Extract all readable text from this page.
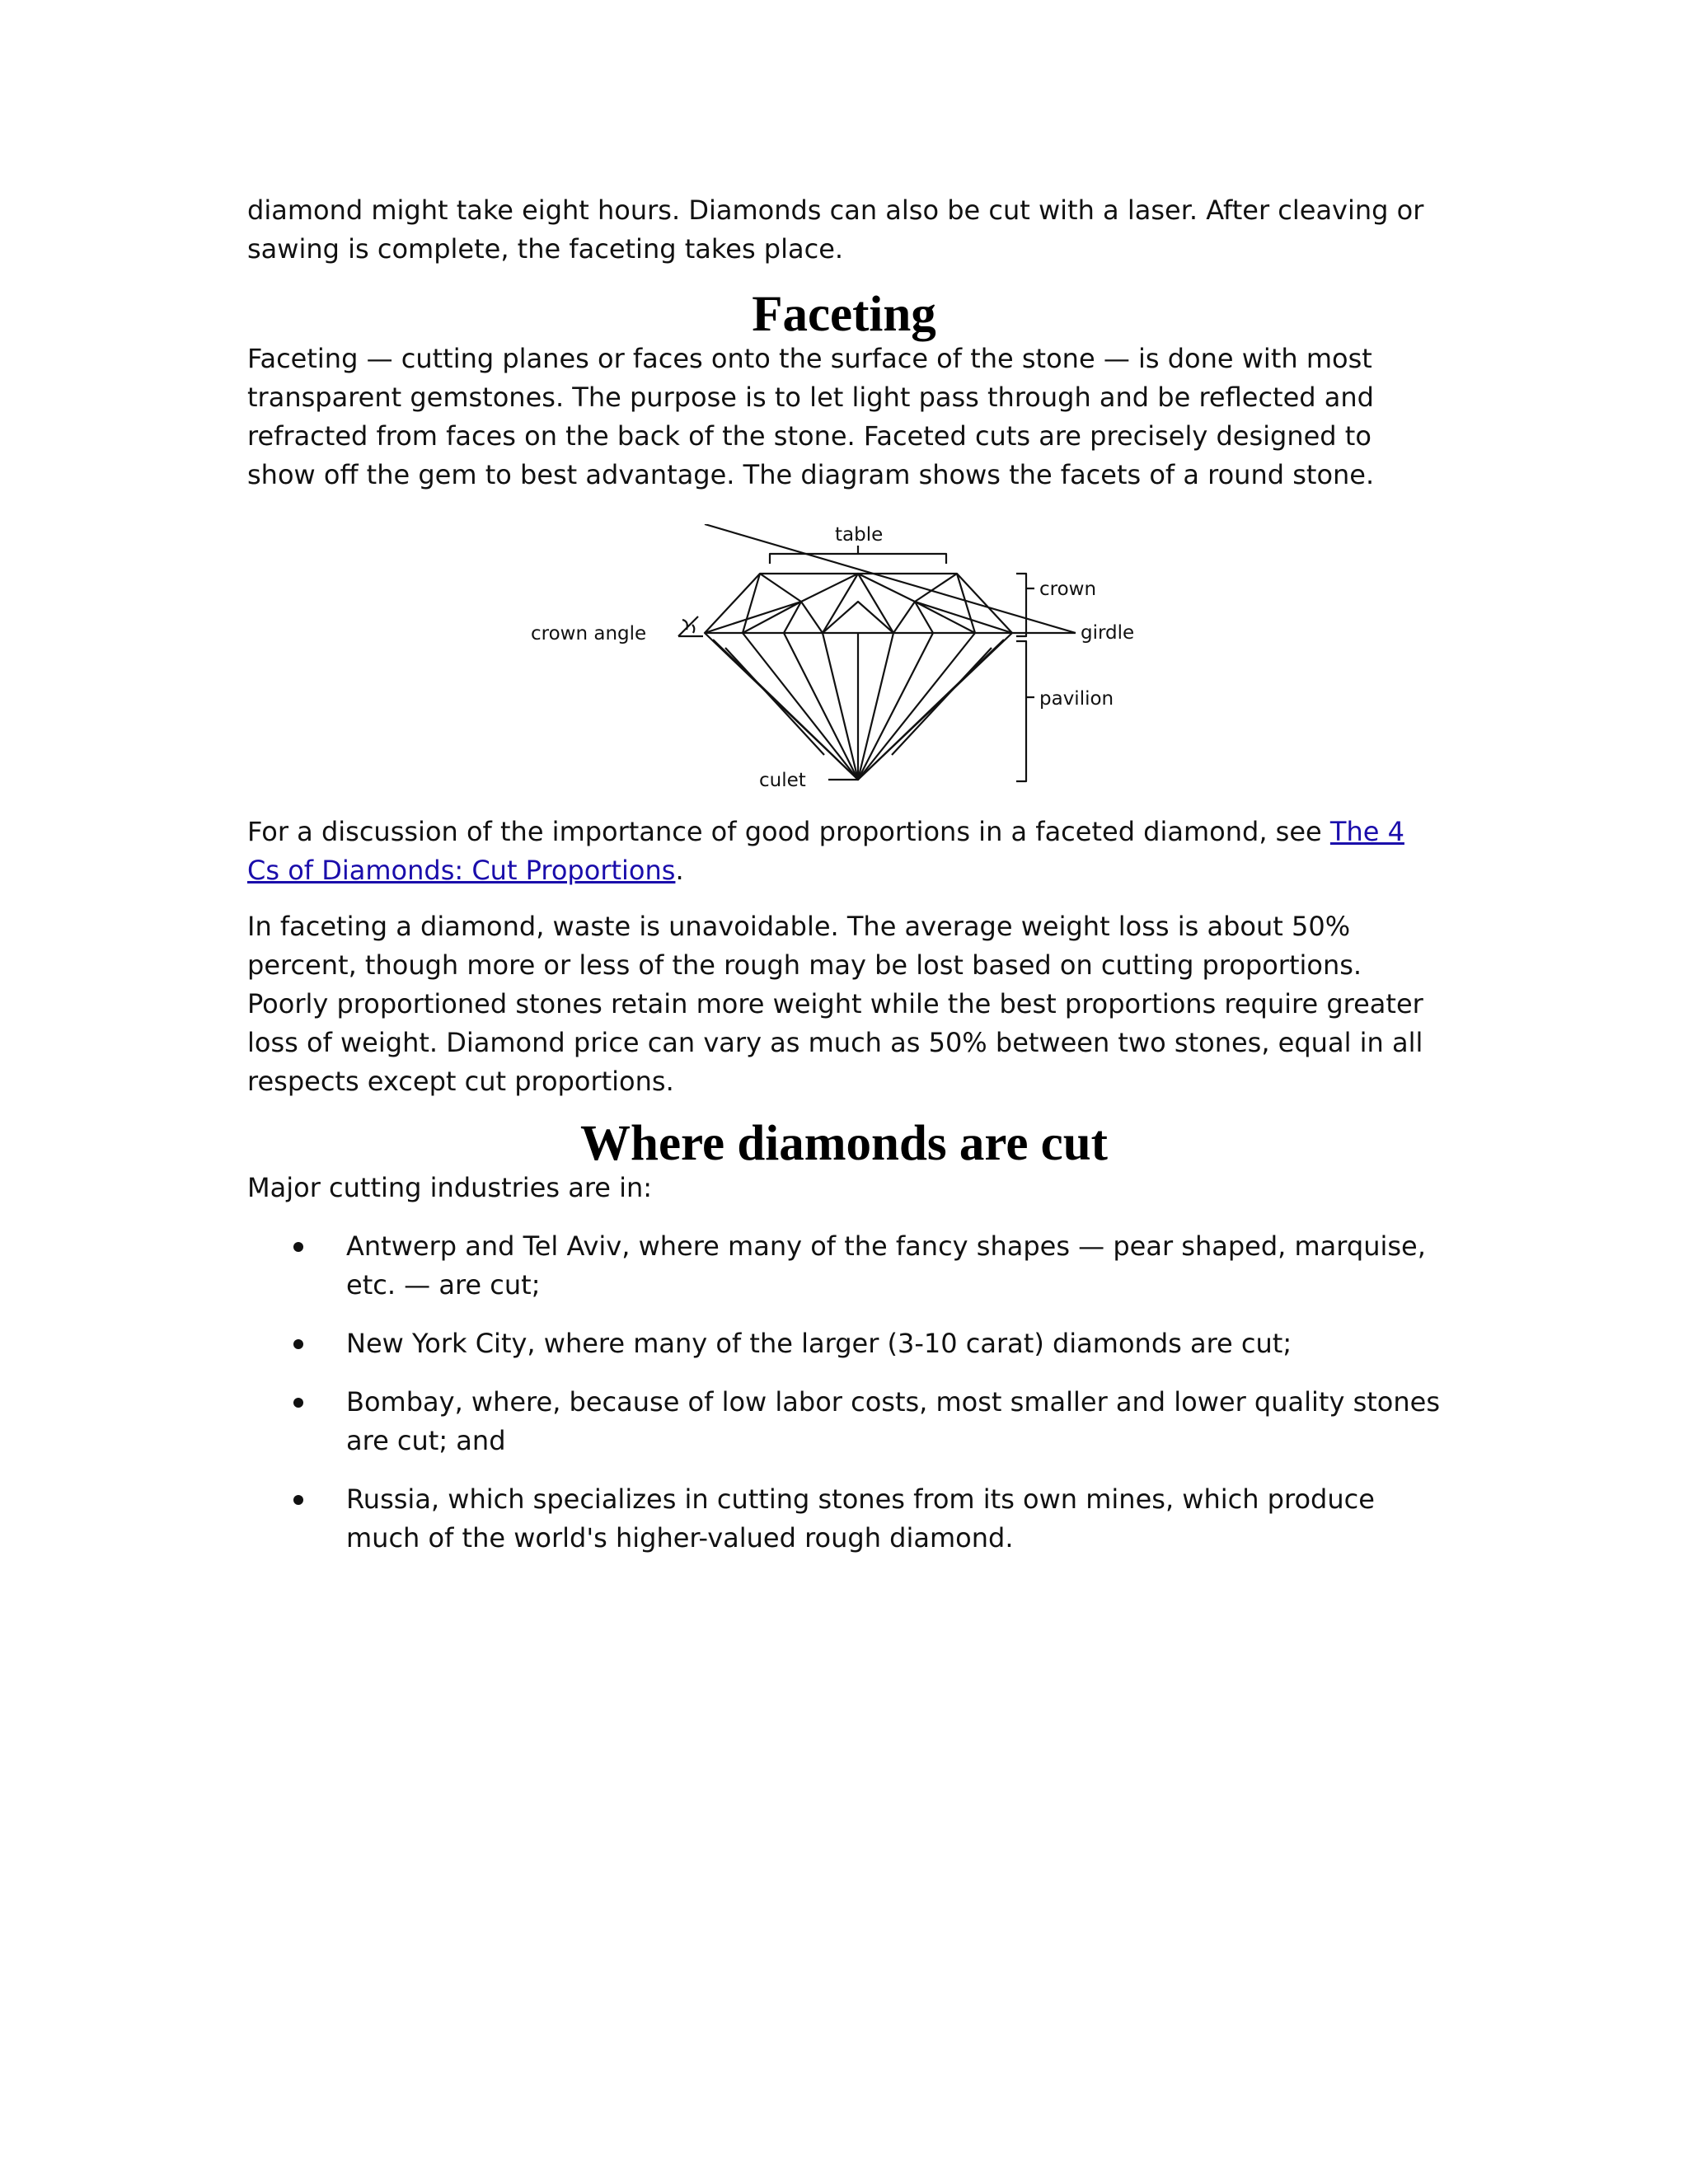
diamond might take eight hours. Diamonds can also be cut with a laser. After cleaving or sawing is complete, the faceting takes place.

Faceting

Faceting — cutting planes or faces onto the surface of the stone — is done with most transparent gemstones. The purpose is to let light pass through and be reflected and refracted from faces on the back of the stone. Faceted cuts are precisely designed to show off the gem to best advantage. The diagram shows the facets of a round stone.

table
crown
girdle
pavilion
crown angle
culet

For a discussion of the importance of good proportions in a faceted diamond, see The 4 Cs of Diamonds: Cut Proportions.

In faceting a diamond, waste is unavoidable. The average weight loss is about 50% percent, though more or less of the rough may be lost based on cutting proportions. Poorly proportioned stones retain more weight while the best proportions require greater loss of weight. Diamond price can vary as much as 50% between two stones, equal in all respects except cut proportions.

Where diamonds are cut

Major cutting industries are in:

Antwerp and Tel Aviv, where many of the fancy shapes — pear shaped, marquise, etc. — are cut;
New York City, where many of the larger (3-10 carat) diamonds are cut;
Bombay, where, because of low labor costs, most smaller and lower quality stones are cut; and
Russia, which specializes in cutting stones from its own mines, which produce much of the world's higher-valued rough diamond.
